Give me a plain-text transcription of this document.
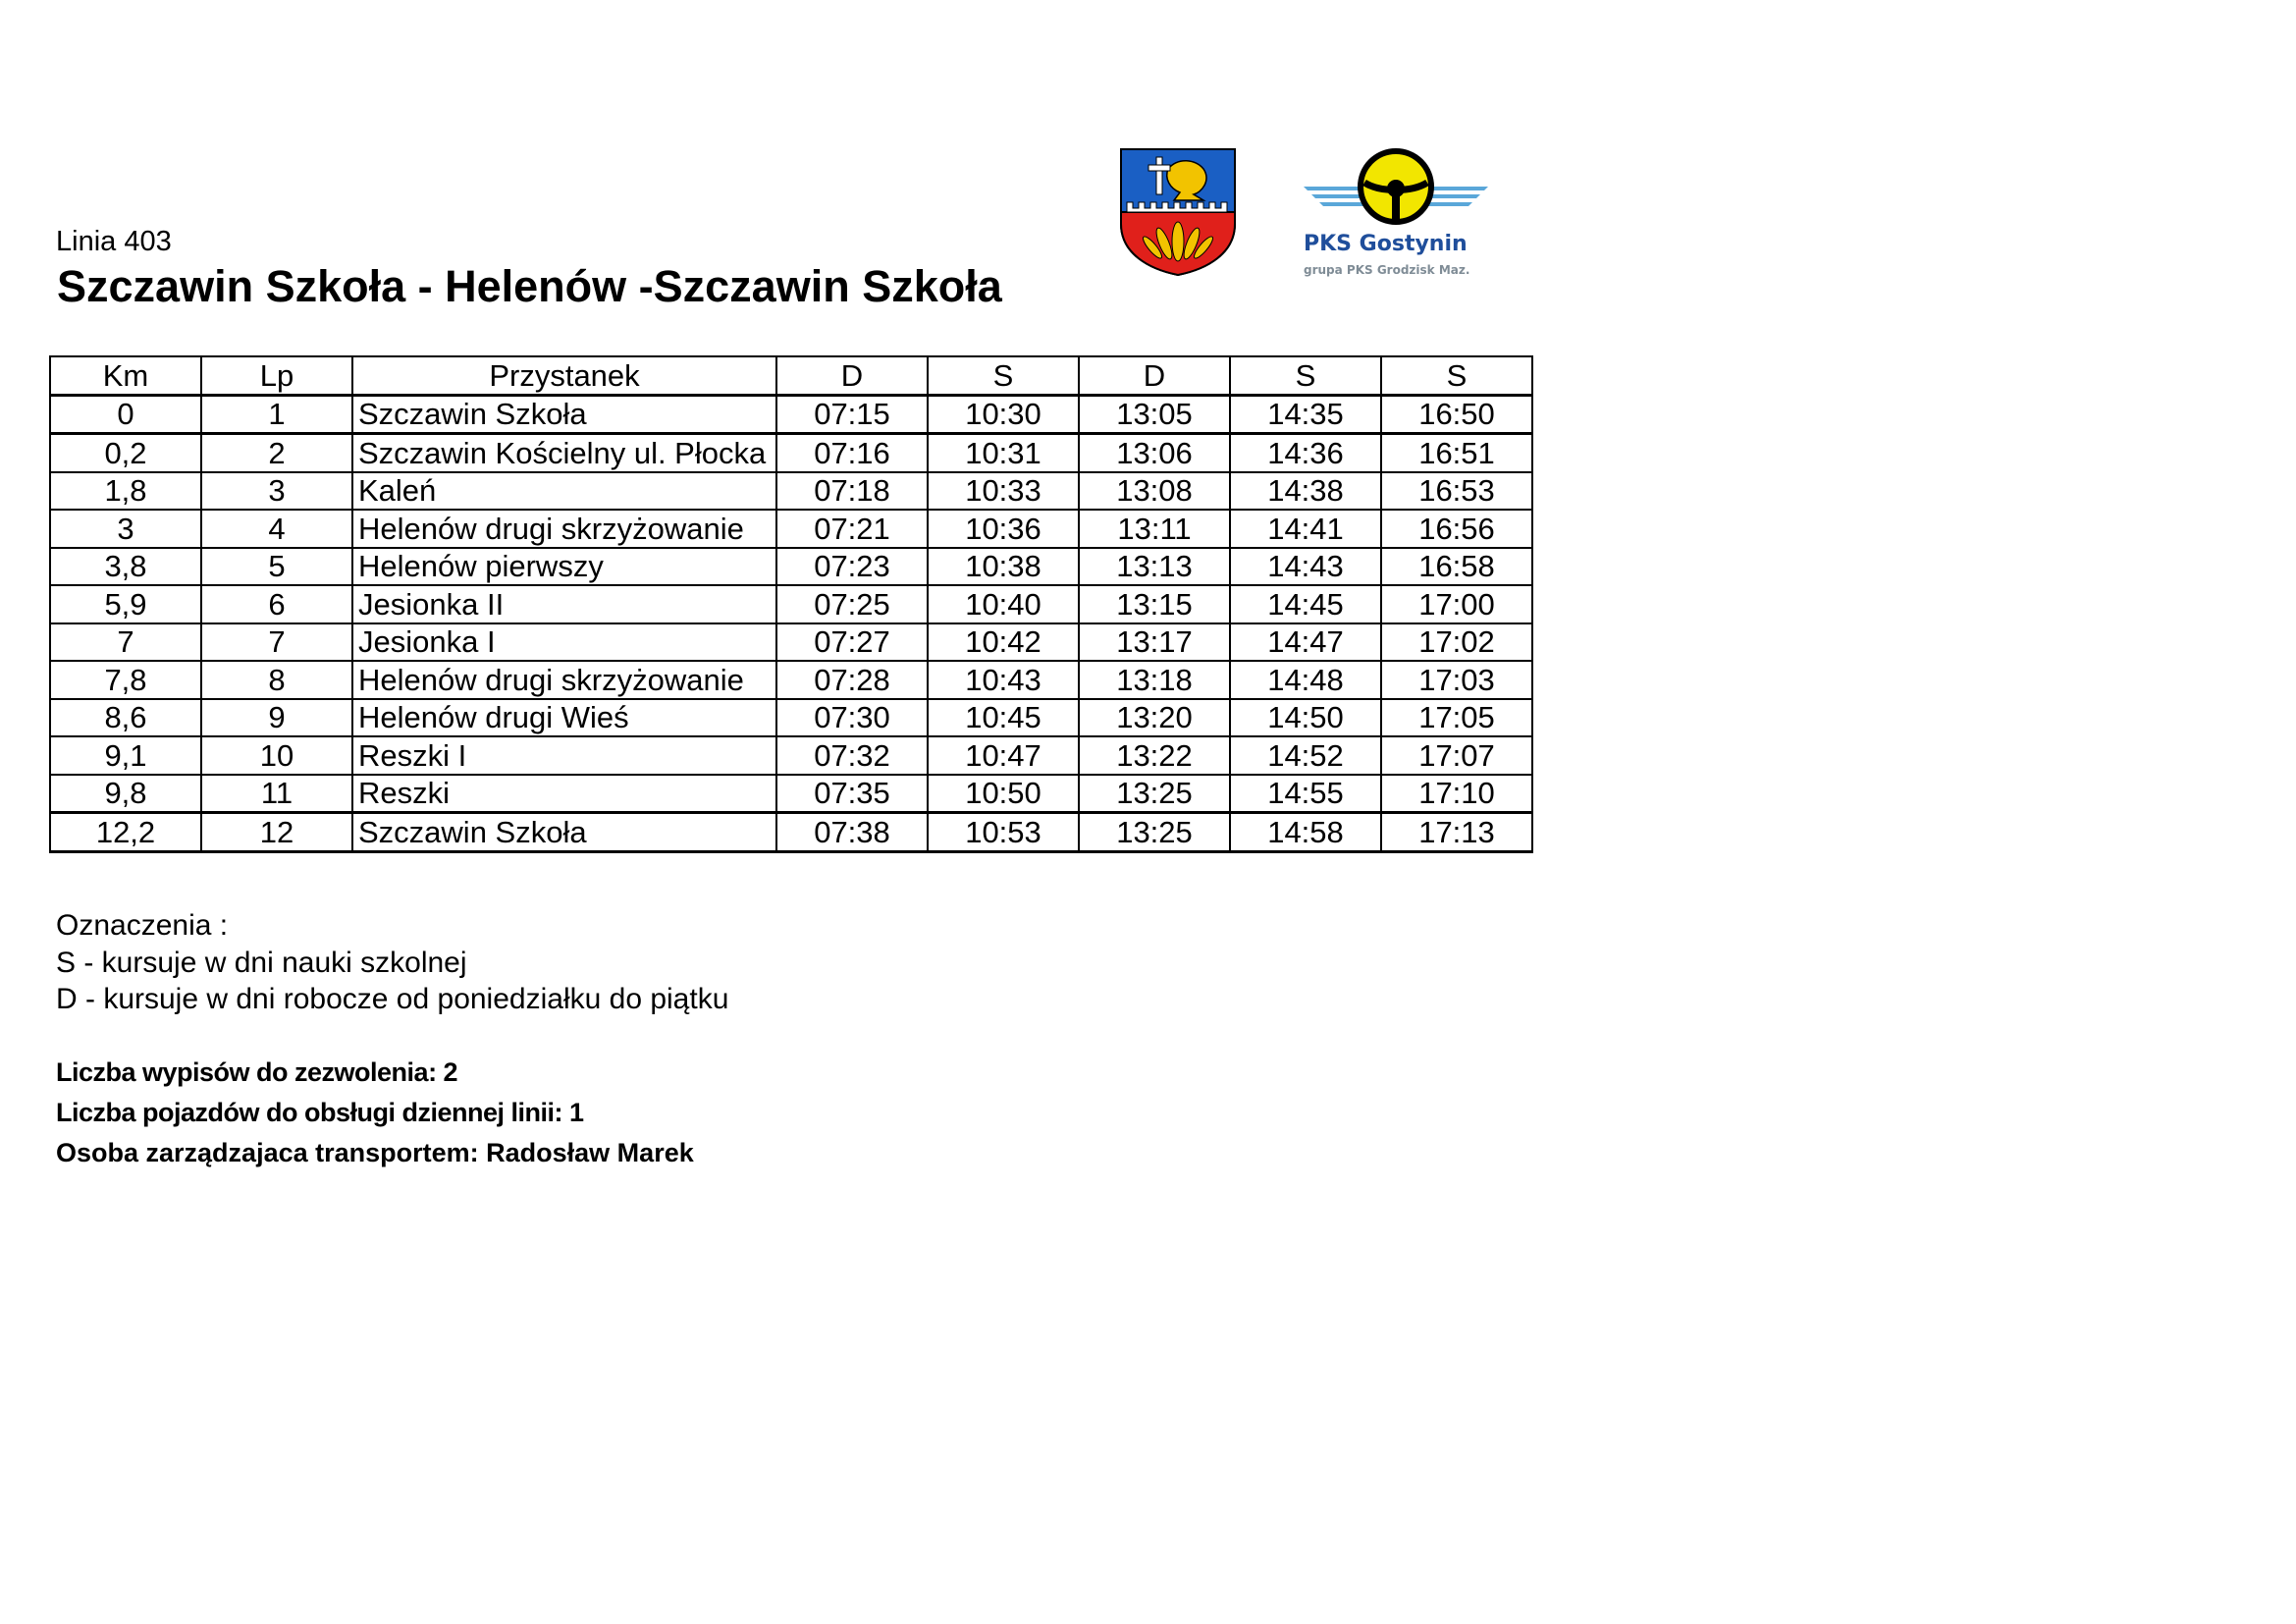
Linia 403
Szczawin Szkoła - Helenów -Szczawin Szkoła
PKS Gostynin
grupa PKS Grodzisk Maz.
Km	Lp	Przystanek	D	S	D	S	S
0	1	Szczawin Szkoła	07:15	10:30	13:05	14:35	16:50
0,2	2	Szczawin Kościelny ul. Płocka	07:16	10:31	13:06	14:36	16:51
1,8	3	Kaleń	07:18	10:33	13:08	14:38	16:53
3	4	Helenów drugi skrzyżowanie	07:21	10:36	13:11	14:41	16:56
3,8	5	Helenów pierwszy	07:23	10:38	13:13	14:43	16:58
5,9	6	Jesionka II	07:25	10:40	13:15	14:45	17:00
7	7	Jesionka I	07:27	10:42	13:17	14:47	17:02
7,8	8	Helenów drugi skrzyżowanie	07:28	10:43	13:18	14:48	17:03
8,6	9	Helenów drugi Wieś	07:30	10:45	13:20	14:50	17:05
9,1	10	Reszki I	07:32	10:47	13:22	14:52	17:07
9,8	11	Reszki	07:35	10:50	13:25	14:55	17:10
12,2	12	Szczawin Szkoła	07:38	10:53	13:25	14:58	17:13
Oznaczenia :
S - kursuje w dni nauki szkolnej
D - kursuje w dni robocze od poniedziałku do piątku
Liczba wypisów do zezwolenia: 2
Liczba pojazdów do obsługi dziennej linii: 1
Osoba zarządzajaca transportem: Radosław Marek
